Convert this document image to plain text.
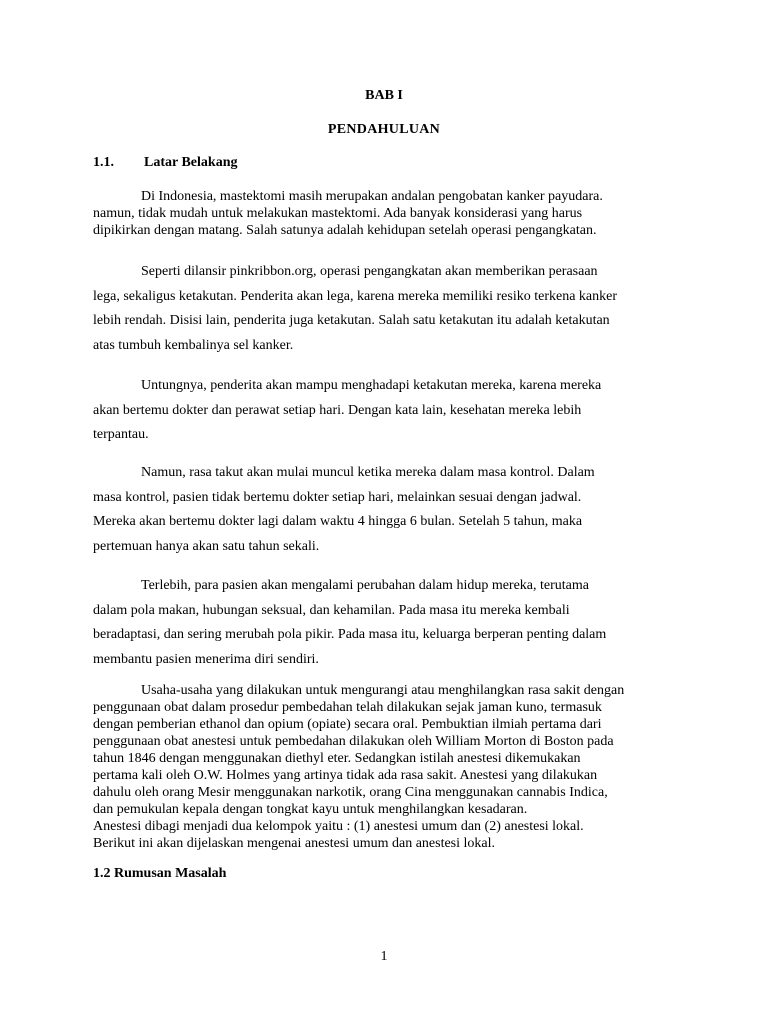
BAB I
PENDAHULUAN
1.1. Latar Belakang

Di Indonesia, mastektomi masih merupakan andalan pengobatan kanker payudara.
namun, tidak mudah untuk melakukan mastektomi. Ada banyak konsiderasi yang harus
dipikirkan dengan matang. Salah satunya adalah kehidupan setelah operasi pengangkatan.

Seperti dilansir pinkribbon.org, operasi pengangkatan akan memberikan perasaan
lega, sekaligus ketakutan. Penderita akan lega, karena mereka memiliki resiko terkena kanker
lebih rendah. Disisi lain, penderita juga ketakutan. Salah satu ketakutan itu adalah ketakutan
atas tumbuh kembalinya sel kanker.

Untungnya, penderita akan mampu menghadapi ketakutan mereka, karena mereka
akan bertemu dokter dan perawat setiap hari. Dengan kata lain, kesehatan mereka lebih
terpantau.

Namun, rasa takut akan mulai muncul ketika mereka dalam masa kontrol. Dalam
masa kontrol, pasien tidak bertemu dokter setiap hari, melainkan sesuai dengan jadwal.
Mereka akan bertemu dokter lagi dalam waktu 4 hingga 6 bulan. Setelah 5 tahun, maka
pertemuan hanya akan satu tahun sekali.

Terlebih, para pasien akan mengalami perubahan dalam hidup mereka, terutama
dalam pola makan, hubungan seksual, dan kehamilan. Pada masa itu mereka kembali
beradaptasi, dan sering merubah pola pikir. Pada masa itu, keluarga berperan penting dalam
membantu pasien menerima diri sendiri.

Usaha-usaha yang dilakukan untuk mengurangi atau menghilangkan rasa sakit dengan
penggunaan obat dalam prosedur pembedahan telah dilakukan sejak jaman kuno, termasuk
dengan pemberian ethanol dan opium (opiate) secara oral. Pembuktian ilmiah pertama dari
penggunaan obat anestesi untuk pembedahan dilakukan oleh William Morton di Boston pada
tahun 1846 dengan menggunakan diethyl eter. Sedangkan istilah anestesi dikemukakan
pertama kali oleh O.W. Holmes yang artinya tidak ada rasa sakit. Anestesi yang dilakukan
dahulu oleh orang Mesir menggunakan narkotik, orang Cina menggunakan cannabis Indica,
dan pemukulan kepala dengan tongkat kayu untuk menghilangkan kesadaran.
Anestesi dibagi menjadi dua kelompok yaitu : (1) anestesi umum dan (2) anestesi lokal.
Berikut ini akan dijelaskan mengenai anestesi umum dan anestesi lokal.

1.2 Rumusan Masalah
1
